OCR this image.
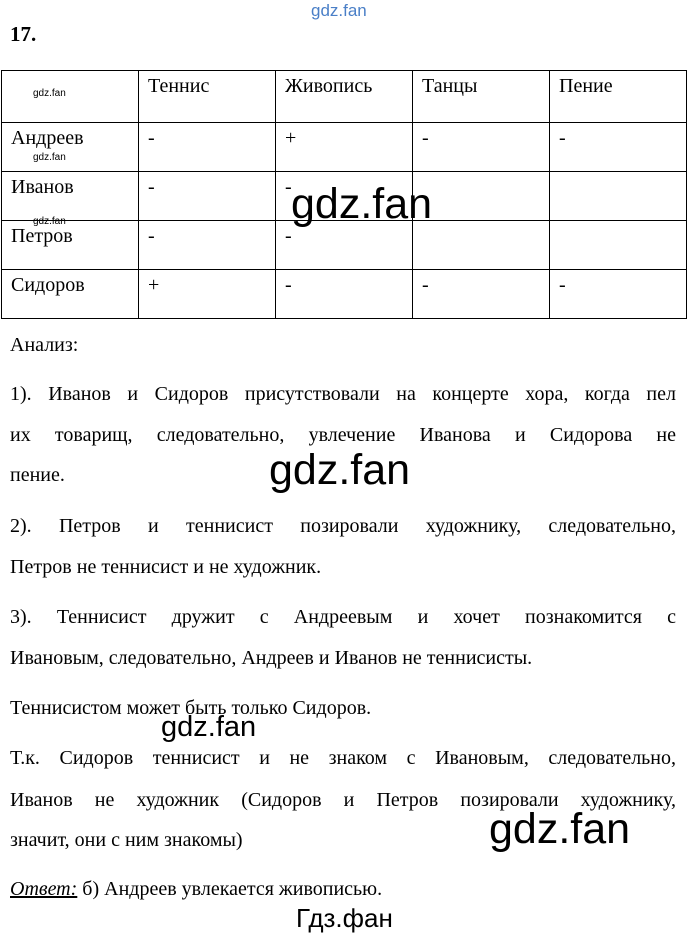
gdz.fan
17.
	Теннис	Живопись	Танцы	Пение
Андреев	-	+	-	-
Иванов	-	-		
Петров	-	-		
Сидоров	+	-	-	-
gdz.fan
gdz.fan
gdz.fan
Анализ:
1). Иванов и Сидоров присутствовали на концерте хора, когда пел
их товарищ, следовательно, увлечение Иванова и Сидорова не
пение.
2). Петров и теннисист позировали художнику, следовательно,
Петров не теннисист и не художник.
3). Теннисист дружит с Андреевым и хочет познакомится с
Ивановым, следовательно, Андреев и Иванов не теннисисты.
Теннисистом может быть только Сидоров.
Т.к. Сидоров теннисист и не знаком с Ивановым, следовательно,
Иванов не художник (Сидоров и Петров позировали художнику,
значит, они с ним знакомы)
Ответ: б) Андреев увлекается живописью.
gdz.fan
gdz.fan
gdz.fan
gdz.fan
Гдз.фан
